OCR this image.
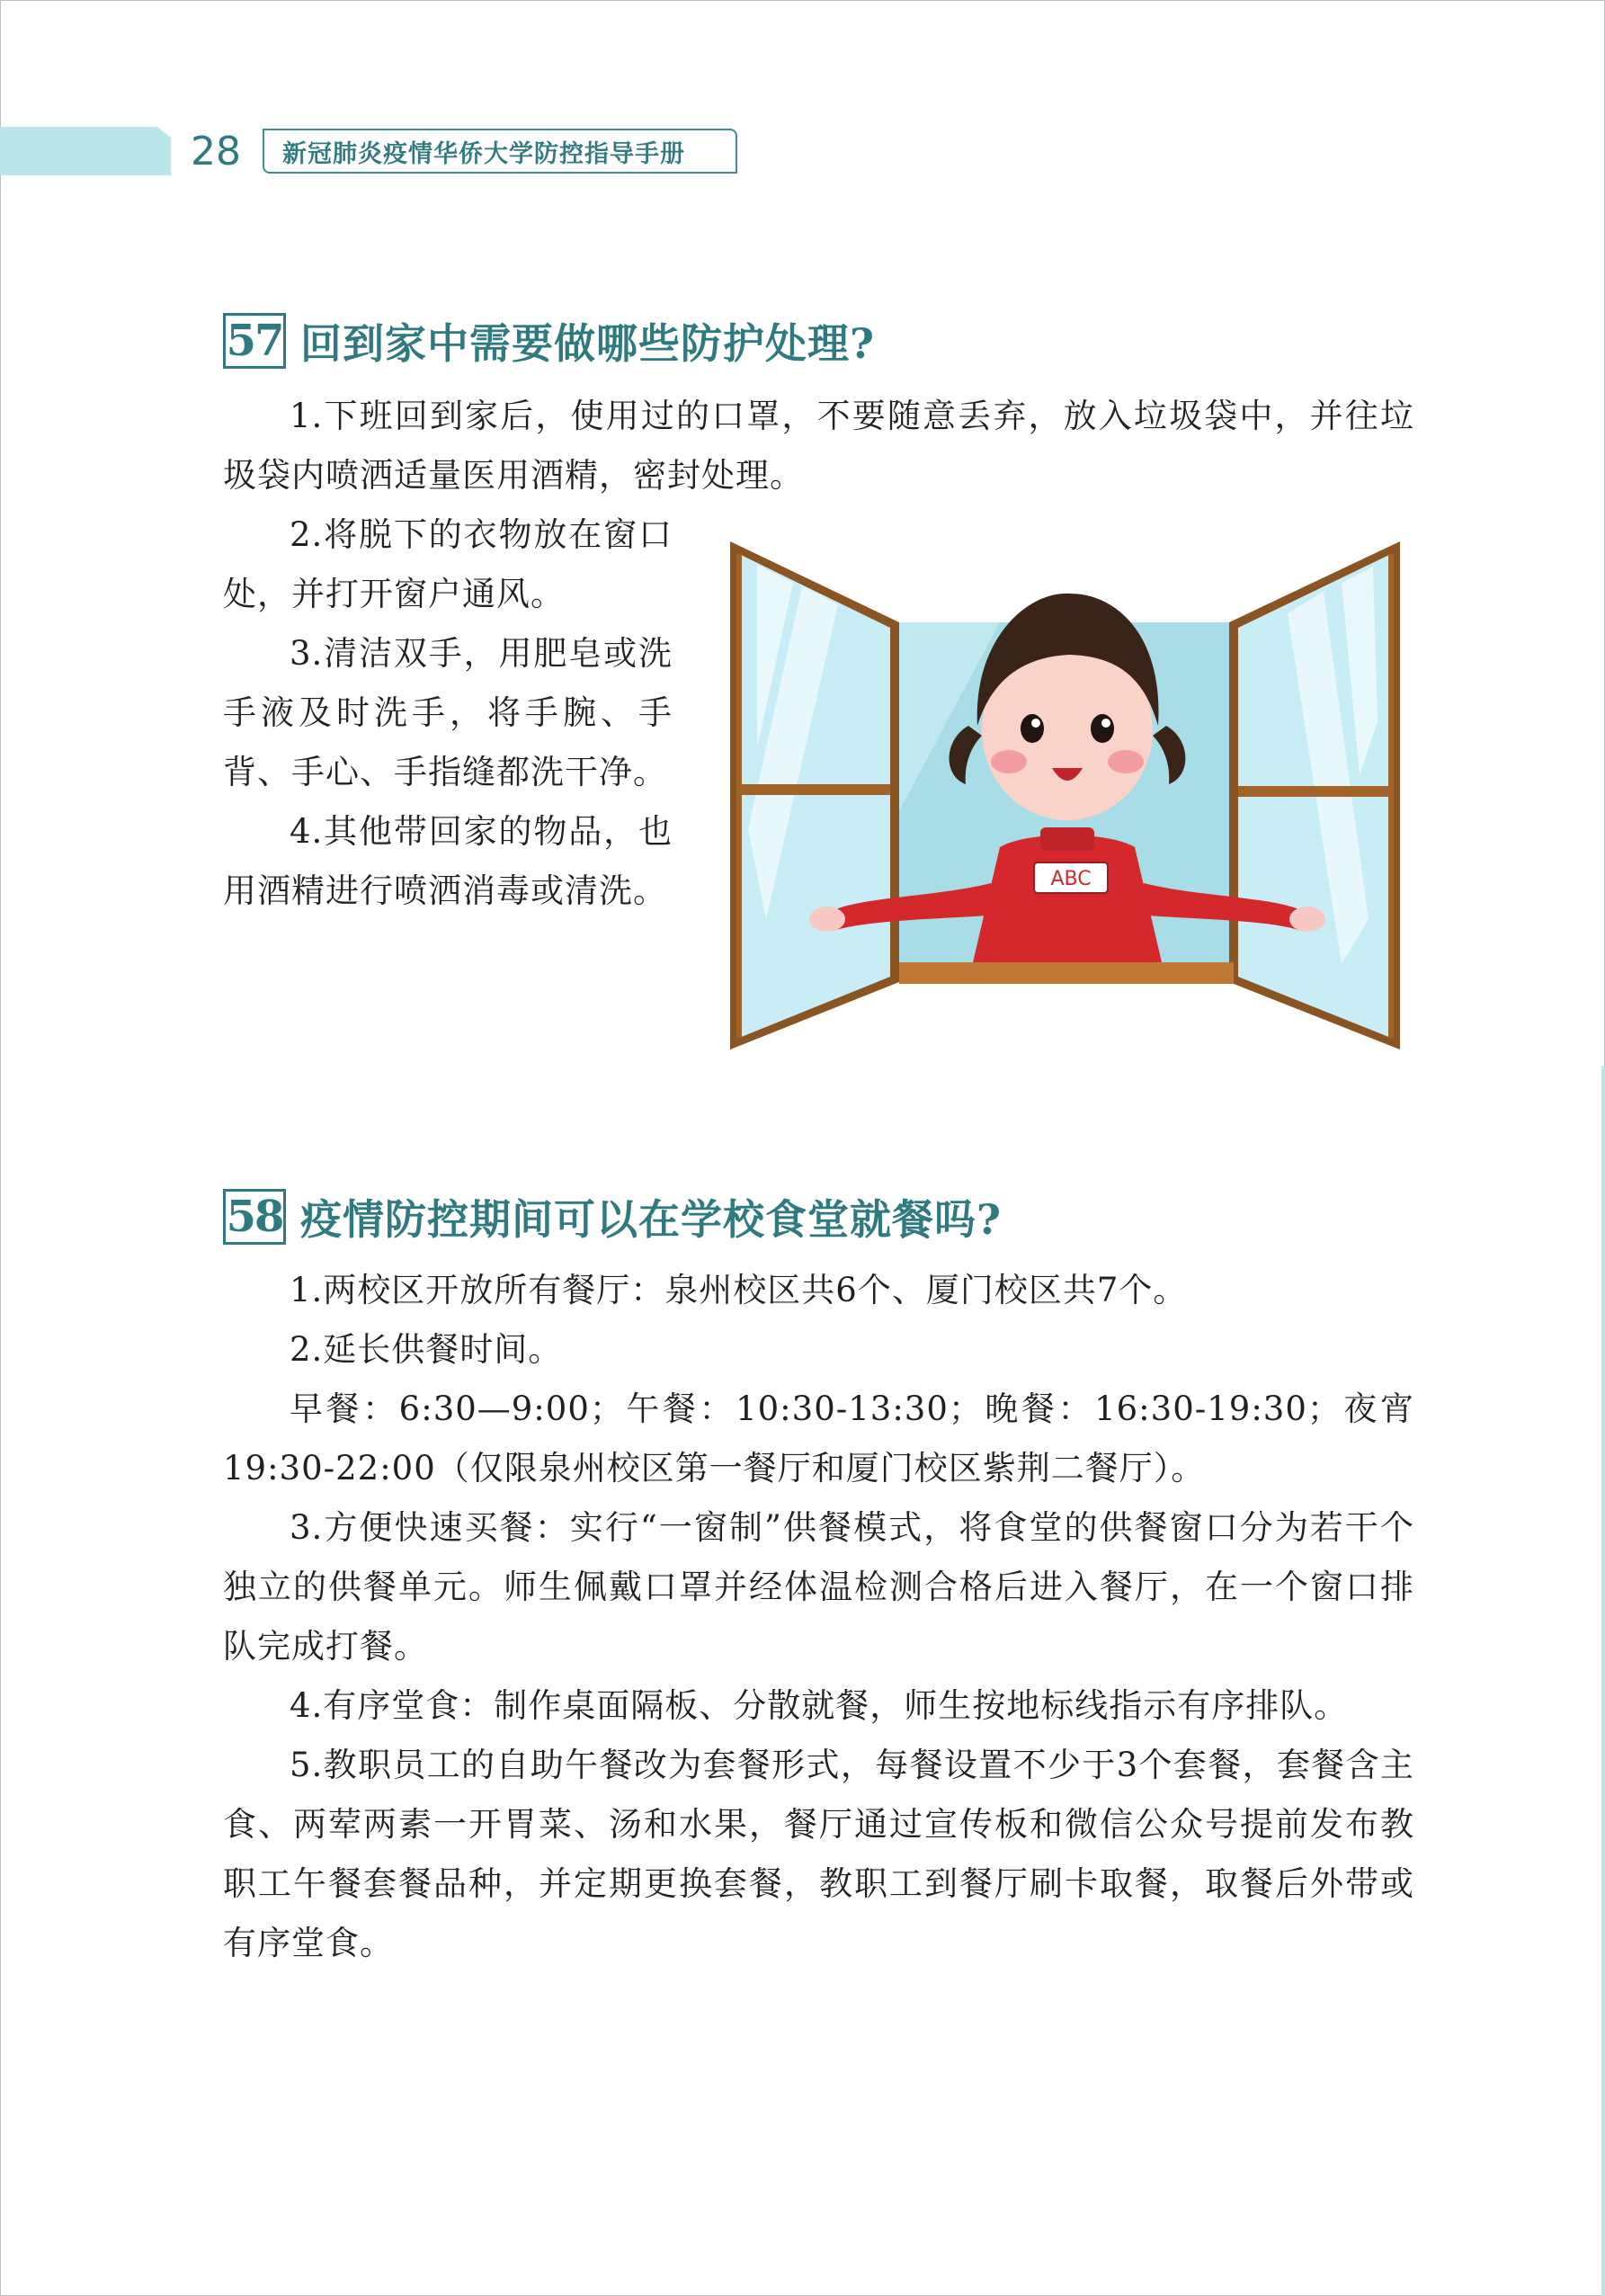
28	新冠肺炎疫情华侨大学防控指导手册
57 回到家中需要做哪些防护处理?

1.下班回到家后，使用过的口罩，不要随意丢弃，放入垃圾袋中，并往垃圾袋内喷洒适量医用酒精，密封处理。

2.将脱下的衣物放在窗口处，并打开窗户通风。

3.清洁双手，用肥皂或洗手液及时洗手，将手腕、手背、手心、手指缝都洗干净。

4.其他带回家的物品，也用酒精进行喷洒消毒或清洗。	ABC
58 疫情防控期间可以在学校食堂就餐吗?

1.两校区开放所有餐厅：泉州校区共6个、厦门校区共7个。

2.延长供餐时间。

早餐：6:30—9:00；午餐：10:30-13:30；晚餐：16:30-19:30；夜宵19:30-22:00（仅限泉州校区第一餐厅和厦门校区紫荆二餐厅）。

3.方便快速买餐：实行“一窗制”供餐模式，将食堂的供餐窗口分为若干个独立的供餐单元。师生佩戴口罩并经体温检测合格后进入餐厅，在一个窗口排队完成打餐。

4.有序堂食：制作桌面隔板、分散就餐，师生按地标线指示有序排队。

5.教职员工的自助午餐改为套餐形式，每餐设置不少于3个套餐，套餐含主食、两荤两素一开胃菜、汤和水果，餐厅通过宣传板和微信公众号提前发布教职工午餐套餐品种，并定期更换套餐，教职工到餐厅刷卡取餐，取餐后外带或有序堂食。
